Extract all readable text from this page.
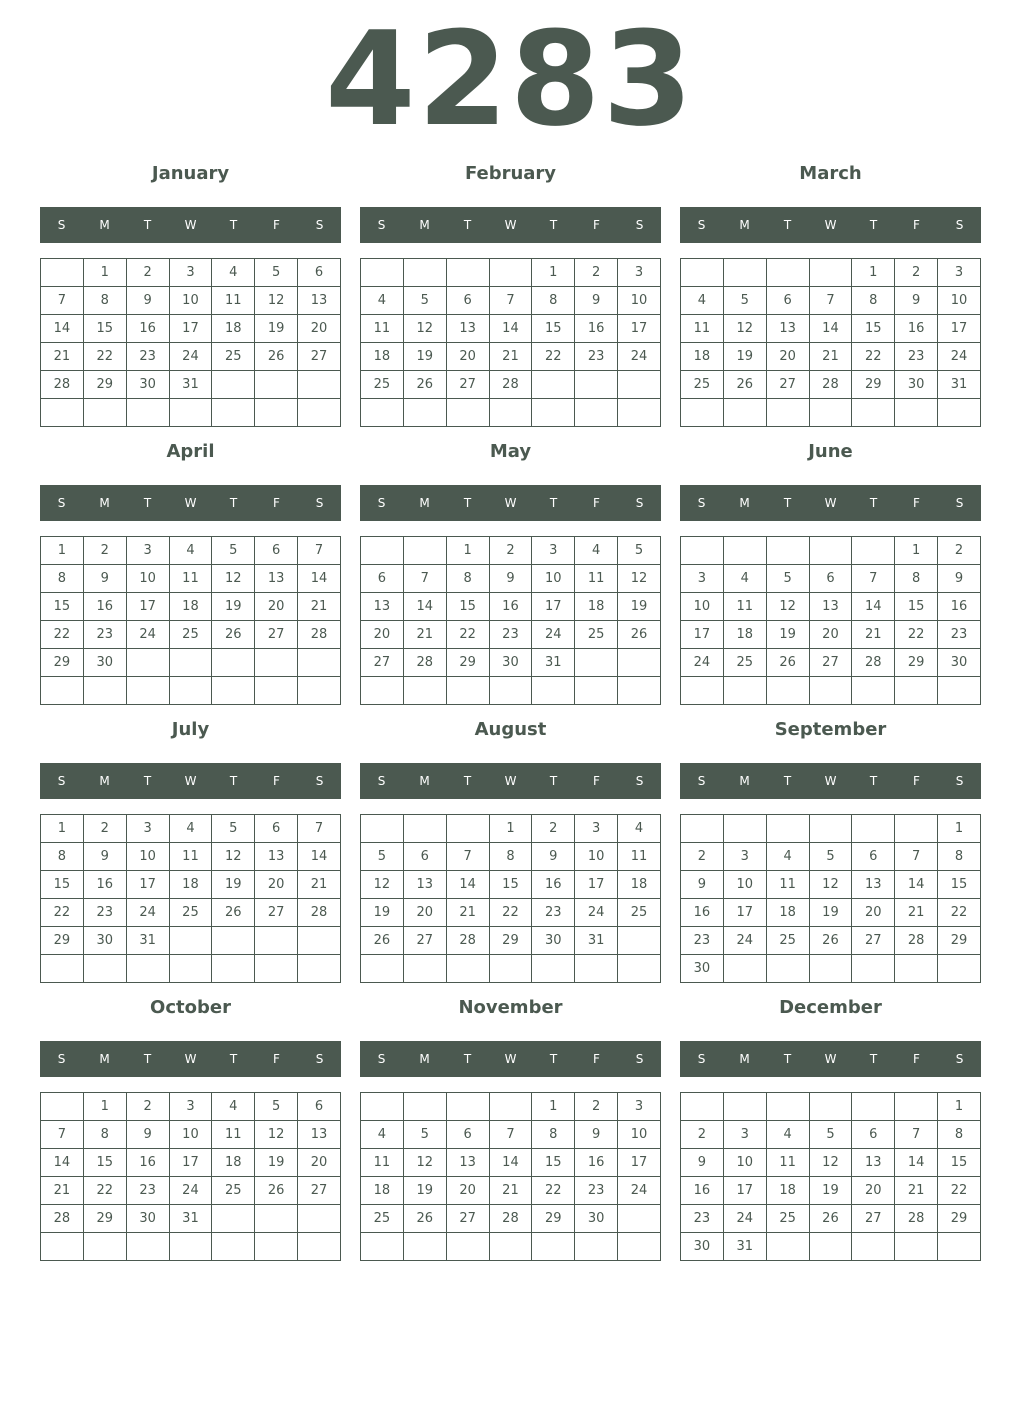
4283
January
S	M	T	W	T	F	S
	1	2	3	4	5	6
7	8	9	10	11	12	13
14	15	16	17	18	19	20
21	22	23	24	25	26	27
28	29	30	31			

February
S	M	T	W	T	F	S
				1	2	3
4	5	6	7	8	9	10
11	12	13	14	15	16	17
18	19	20	21	22	23	24
25	26	27	28			

March
S	M	T	W	T	F	S
				1	2	3
4	5	6	7	8	9	10
11	12	13	14	15	16	17
18	19	20	21	22	23	24
25	26	27	28	29	30	31

April
S	M	T	W	T	F	S
1	2	3	4	5	6	7
8	9	10	11	12	13	14
15	16	17	18	19	20	21
22	23	24	25	26	27	28
29	30					

May
S	M	T	W	T	F	S
		1	2	3	4	5
6	7	8	9	10	11	12
13	14	15	16	17	18	19
20	21	22	23	24	25	26
27	28	29	30	31		

June
S	M	T	W	T	F	S
					1	2
3	4	5	6	7	8	9
10	11	12	13	14	15	16
17	18	19	20	21	22	23
24	25	26	27	28	29	30

July
S	M	T	W	T	F	S
1	2	3	4	5	6	7
8	9	10	11	12	13	14
15	16	17	18	19	20	21
22	23	24	25	26	27	28
29	30	31				

August
S	M	T	W	T	F	S
			1	2	3	4
5	6	7	8	9	10	11
12	13	14	15	16	17	18
19	20	21	22	23	24	25
26	27	28	29	30	31	

September
S	M	T	W	T	F	S
						1
2	3	4	5	6	7	8
9	10	11	12	13	14	15
16	17	18	19	20	21	22
23	24	25	26	27	28	29
30						
October
S	M	T	W	T	F	S
	1	2	3	4	5	6
7	8	9	10	11	12	13
14	15	16	17	18	19	20
21	22	23	24	25	26	27
28	29	30	31			

November
S	M	T	W	T	F	S
				1	2	3
4	5	6	7	8	9	10
11	12	13	14	15	16	17
18	19	20	21	22	23	24
25	26	27	28	29	30	

December
S	M	T	W	T	F	S
						1
2	3	4	5	6	7	8
9	10	11	12	13	14	15
16	17	18	19	20	21	22
23	24	25	26	27	28	29
30	31					
